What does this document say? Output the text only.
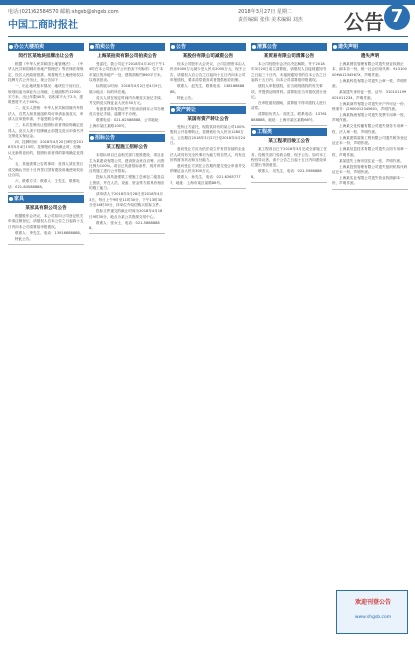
电话:(021)62584570 邮箱:shgsb@shgsb.com
中国工商时报社
2018年3月27日 星期二
责任编辑 张伟 美术编辑 刘杰 公告 7
办公大楼拍卖
闵行区某地块挂牌出让公告

根据《中华人民共和国土地管理法》、《中华人民共和国城市房地产管理法》等法律法规规定，经区人民政府批准，现将相关土地使用权以挂牌方式公开出让，现公告如下：

一、出让地块基本情况：地块位于闵行区，规划用途为商业办公用地，土地面积约12000平方米，出让年限40年，容积率不大于2.5，建筑密度不大于40%。

二、竞买人资格：中华人民共和国境内外的法人、自然人和其他组织均可申请参加竞买，申请人应单独申请，不接受联合申请。

三、本次挂牌出让按照价高者得原则确定竞得人。竞买人须于挂牌截止前提交竞买申请书并交纳竞买保证金。

四、挂牌时间：2018年4月20日9时至2018年5月4日15时。挂牌报价时间截止时，经确认无新的竞价的，按照价高者得的原则确定竞得人。

五、其他需要公告的事项：竞得人须在签订成交确认书后十日内签订国有建设用地使用权出让合同。

六、联系方式：联系人：王先生，联系电话：021-64588888。

家具
某家具有限公司公告

根据股东会决议，本公司拟向公司登记机关申请注销登记，请债权人自本公告之日起四十五日内向本公司清算组申报债权。

联系人：李先生，电话：13916888888。

特此公告。

拍卖公告
上海某拍卖有限公司拍卖公告

受委托，我公司定于2018年4月10日下午14时在本公司拍卖厅公开拍卖下列标的：位于本市某区的房地产一处，建筑面积约860平方米，以现状拍卖。

标的展示时间：2018年4月2日至4月9日，展示地点：标的所在地。

竞买人须在规定时间内办理竞买登记手续，并交纳竞买保证金人民币50万元。

有意者请持有效证件于拍卖前到本公司办理竞买登记手续，逾期不予办理。

联系电话：021-62588888，公司地址：上海市某区某路100号。

招标公告
某工程施工招标公告

本招标项目已由相关部门批准建设，项目业主为某建设有限公司，建设资金来自自筹，出资比例为100%。项目已具备招标条件，现对该项目的施工进行公开招标。

投标人须具备建筑工程施工总承包二级及以上资质，并在人员、设备、资金等方面具有相应的施工能力。

请申请人于2018年3月28日至2018年4月3日，每日上午9时至11时30分，下午13时30分至16时30分，持单位介绍信购买招标文件。

投标文件递交的截止时间为2018年4月18日9时30分，地点为某公共资源交易中心。

联系人：张女士，电话：021-58888888。

公告
某股份有限公司减资公告

经本公司股东大会决议，公司注册资本由人民币5000万元减少至人民币2000万元，现予公告，请债权人自公告之日起四十五日内向本公司申报债权，要求清偿债务或者提供相应担保。

联系人：赵先生，联系电话：13816888888。

特此公告。

资产转让
某国有资产转让公告

受转让方委托，现将其持有的某公司100%股权公开挂牌转让，挂牌底价为人民币1280万元，公告期自2018年3月27日至2018年4月24日。

意向受让方应为依法设立并有效存续的企业法人或具有完全民事行为能力的自然人，具有良好的财务状况和支付能力。

意向受让方须在公告期内提交受让申请并交纳保证金人民币300万元。

联系人：孙先生，电话：021-62657777，地址：上海市某区某路88号。

清算公告
某贸易有限公司清算公告

本公司经股东会决议决定解散，并于2018年3月20日成立清算组，请债权人自接到通知书之日起三十日内，未接到通知书的自本公告之日起四十五日内，向本公司清算组申报债权。

债权人申报债权，应当说明债权的有关事项，并提供证明材料。清算组应当对债权进行登记。

在申报债权期间，清算组不得对债权人进行清偿。

清算组负责人：周先生，联系电话：13761888888，地址：上海市某区某路66号。

工程类
某工程项目竣工公告

某工程项目已于2018年3月完成全部施工任务，经相关部门验收合格，现予公告。如对本工程有异议者，请于公告之日起十五日内向建设单位提出书面意见。

联系人：吴先生，电话：021-55668888。

遗失声明
遗失声明

上海某餐饮管理有限公司遗失营业执照正本、副本各一份，统一社会信用代码：91310000MA1234567X，声明作废。

上海某科技有限公司遗失公章一枚，声明作废。

某某遗失身份证一张，证号：310101199001011234，声明作废。

上海某商贸有限公司遗失开户许可证一份，核准号：J2900012345601，声明作废。

上海某物流有限公司遗失发票专用章一枚，声明作废。

上海某文化传播有限公司遗失财务专用章一枚，法人章一枚，声明作废。

上海某建筑装饰工程有限公司遗失税务登记证正本一份，声明作废。

上海某信息技术有限公司遗失合同专用章一枚，声明作废。

某某遗失上海市居住证一张，声明作废。

上海某投资管理有限公司遗失组织机构代码证正本一份，声明作废。

上海某实业有限公司遗失营业执照副本一份，声明作废。

欢迎刊登公告
www.shgsb.com
